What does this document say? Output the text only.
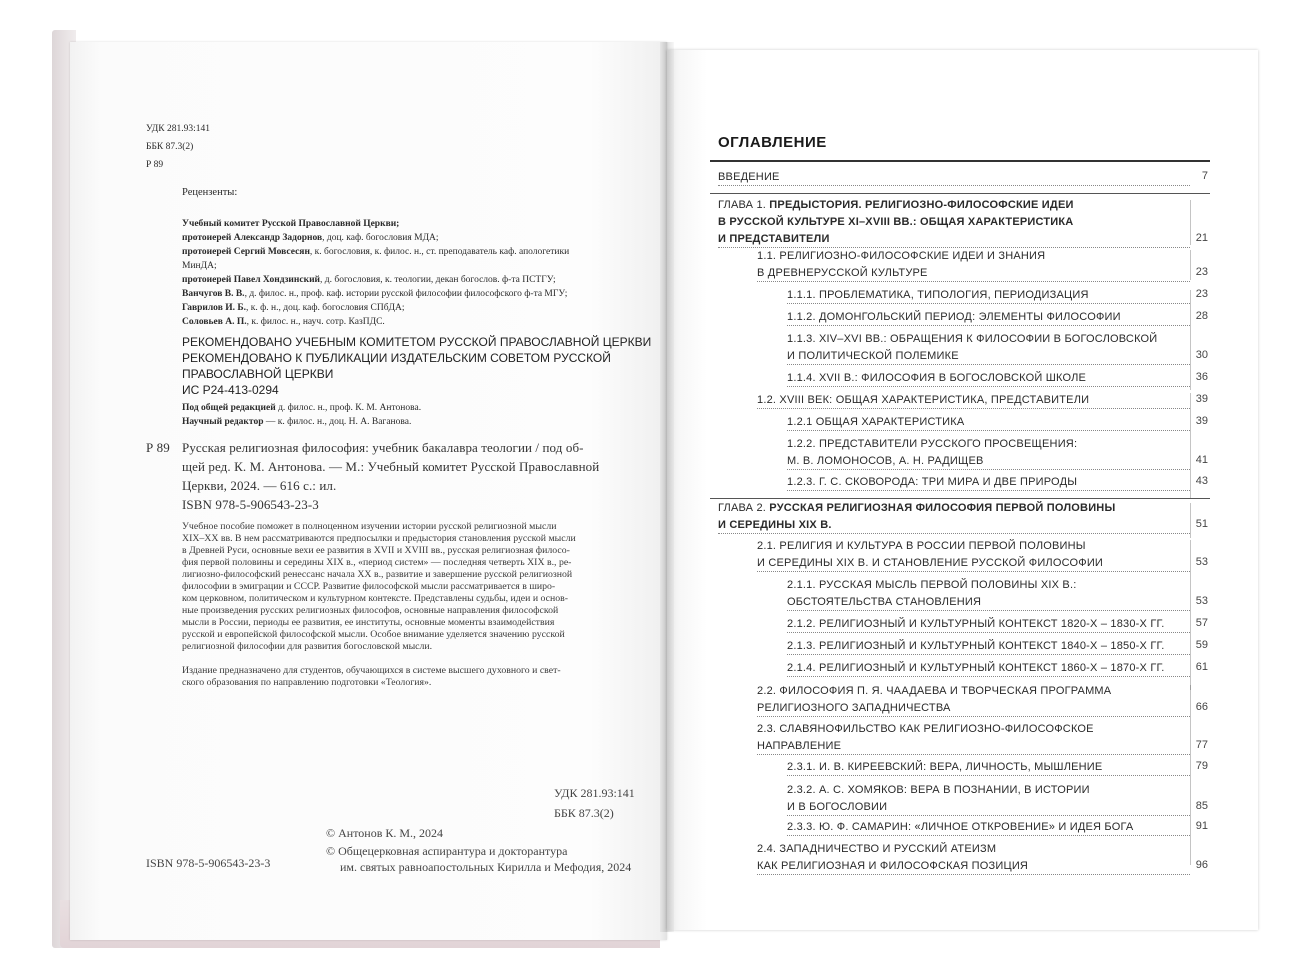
УДК 281.93:141
ББК 87.3(2)
Р 89
Рецензенты:
Учебный комитет Русской Православной Церкви;
протоиерей Александр Задорнов, доц. каф. богословия МДА;
протоиерей Сергий Мовсесян, к. богословия, к. филос. н., ст. преподаватель каф. апологетики
МинДА;
протоиерей Павел Хондзинский, д. богословия, к. теологии, декан богослов. ф-та ПСТГУ;
Ванчугов В. В., д. филос. н., проф. каф. истории русской философии философского ф-та МГУ;
Гаврилов И. Б., к. ф. н., доц. каф. богословия СПбДА;
Соловьев А. П., к. филос. н., науч. сотр. КазПДС.
РЕКОМЕНДОВАНО УЧЕБНЫМ КОМИТЕТОМ РУССКОЙ ПРАВОСЛАВНОЙ ЦЕРКВИ
РЕКОМЕНДОВАНО К ПУБЛИКАЦИИ ИЗДАТЕЛЬСКИМ СОВЕТОМ РУССКОЙ
ПРАВОСЛАВНОЙ ЦЕРКВИ
ИС Р24-413-0294
Под общей редакцией д. филос. н., проф. К. М. Антонова.
Научный редактор — к. филос. н., доц. Н. А. Ваганова.
Р 89 Русская религиозная философия: учебник бакалавра теологии / под об-
щей ред. К. М. Антонова. — М.: Учебный комитет Русской Православной
Церкви, 2024. — 616 с.: ил.
ISBN 978-5-906543-23-3
Учебное пособие поможет в полноценном изучении истории русской религиозной мысли
XIX–XX вв. В нем рассматриваются предпосылки и предыстория становления русской мысли
в Древней Руси, основные вехи ее развития в XVII и XVIII вв., русская религиозная филосо-
фия первой половины и середины XIX в., «период систем» — последняя четверть XIX в., ре-
лигиозно-философский ренессанс начала XX в., развитие и завершение русской религиозной
философии в эмиграции и СССР. Развитие философской мысли рассматривается в широ-
ком церковном, политическом и культурном контексте. Представлены судьбы, идеи и основ-
ные произведения русских религиозных философов, основные направления философской
мысли в России, периоды ее развития, ее институты, основные моменты взаимодействия
русской и европейской философской мысли. Особое внимание уделяется значению русской
религиозной философии для развития богословской мысли.
Издание предназначено для студентов, обучающихся в системе высшего духовного и свет-
ского образования по направлению подготовки «Теология».
УДК 281.93:141
ББК 87.3(2)
© Антонов К. М., 2024
© Общецерковная аспирантура и докторантура
им. святых равноапостольных Кирилла и Мефодия, 2024
ISBN 978-5-906543-23-3
ОГЛАВЛЕНИЕ
ВВЕДЕНИЕ	7
ГЛАВА 1. ПРЕДЫСТОРИЯ. РЕЛИГИОЗНО-ФИЛОСОФСКИЕ ИДЕИ
В РУССКОЙ КУЛЬТУРЕ XI–XVIII ВВ.: ОБЩАЯ ХАРАКТЕРИСТИКА
И ПРЕДСТАВИТЕЛИ	21
1.1. РЕЛИГИОЗНО-ФИЛОСОФСКИЕ ИДЕИ И ЗНАНИЯ
В ДРЕВНЕРУССКОЙ КУЛЬТУРЕ	23
1.1.1. ПРОБЛЕМАТИКА, ТИПОЛОГИЯ, ПЕРИОДИЗАЦИЯ	23
1.1.2. ДОМОНГОЛЬСКИЙ ПЕРИОД: ЭЛЕМЕНТЫ ФИЛОСОФИИ	28
1.1.3. XIV–XVI ВВ.: ОБРАЩЕНИЯ К ФИЛОСОФИИ В БОГОСЛОВСКОЙ
И ПОЛИТИЧЕСКОЙ ПОЛЕМИКЕ	30
1.1.4. XVII В.: ФИЛОСОФИЯ В БОГОСЛОВСКОЙ ШКОЛЕ	36
1.2. XVIII ВЕК: ОБЩАЯ ХАРАКТЕРИСТИКА, ПРЕДСТАВИТЕЛИ	39
1.2.1 ОБЩАЯ ХАРАКТЕРИСТИКА	39
1.2.2. ПРЕДСТАВИТЕЛИ РУССКОГО ПРОСВЕЩЕНИЯ:
М. В. ЛОМОНОСОВ, А. Н. РАДИЩЕВ	41
1.2.3. Г. С. СКОВОРОДА: ТРИ МИРА И ДВЕ ПРИРОДЫ	43
ГЛАВА 2. РУССКАЯ РЕЛИГИОЗНАЯ ФИЛОСОФИЯ ПЕРВОЙ ПОЛОВИНЫ
И СЕРЕДИНЫ XIX В.	51
2.1. РЕЛИГИЯ И КУЛЬТУРА В РОССИИ ПЕРВОЙ ПОЛОВИНЫ
И СЕРЕДИНЫ XIX В. И СТАНОВЛЕНИЕ РУССКОЙ ФИЛОСОФИИ	53
2.1.1. РУССКАЯ МЫСЛЬ ПЕРВОЙ ПОЛОВИНЫ XIX В.:
ОБСТОЯТЕЛЬСТВА СТАНОВЛЕНИЯ	53
2.1.2. РЕЛИГИОЗНЫЙ И КУЛЬТУРНЫЙ КОНТЕКСТ 1820-Х – 1830-Х ГГ.	57
2.1.3. РЕЛИГИОЗНЫЙ И КУЛЬТУРНЫЙ КОНТЕКСТ 1840-Х – 1850-Х ГГ.	59
2.1.4. РЕЛИГИОЗНЫЙ И КУЛЬТУРНЫЙ КОНТЕКСТ 1860-Х – 1870-Х ГГ.	61
2.2. ФИЛОСОФИЯ П. Я. ЧААДАЕВА И ТВОРЧЕСКАЯ ПРОГРАММА
РЕЛИГИОЗНОГО ЗАПАДНИЧЕСТВА	66
2.3. СЛАВЯНОФИЛЬСТВО КАК РЕЛИГИОЗНО-ФИЛОСОФСКОЕ
НАПРАВЛЕНИЕ	77
2.3.1. И. В. КИРЕЕВСКИЙ: ВЕРА, ЛИЧНОСТЬ, МЫШЛЕНИЕ	79
2.3.2. А. С. ХОМЯКОВ: ВЕРА В ПОЗНАНИИ, В ИСТОРИИ
И В БОГОСЛОВИИ	85
2.3.3. Ю. Ф. САМАРИН: «ЛИЧНОЕ ОТКРОВЕНИЕ» И ИДЕЯ БОГА	91
2.4. ЗАПАДНИЧЕСТВО И РУССКИЙ АТЕИЗМ
КАК РЕЛИГИОЗНАЯ И ФИЛОСОФСКАЯ ПОЗИЦИЯ	96
